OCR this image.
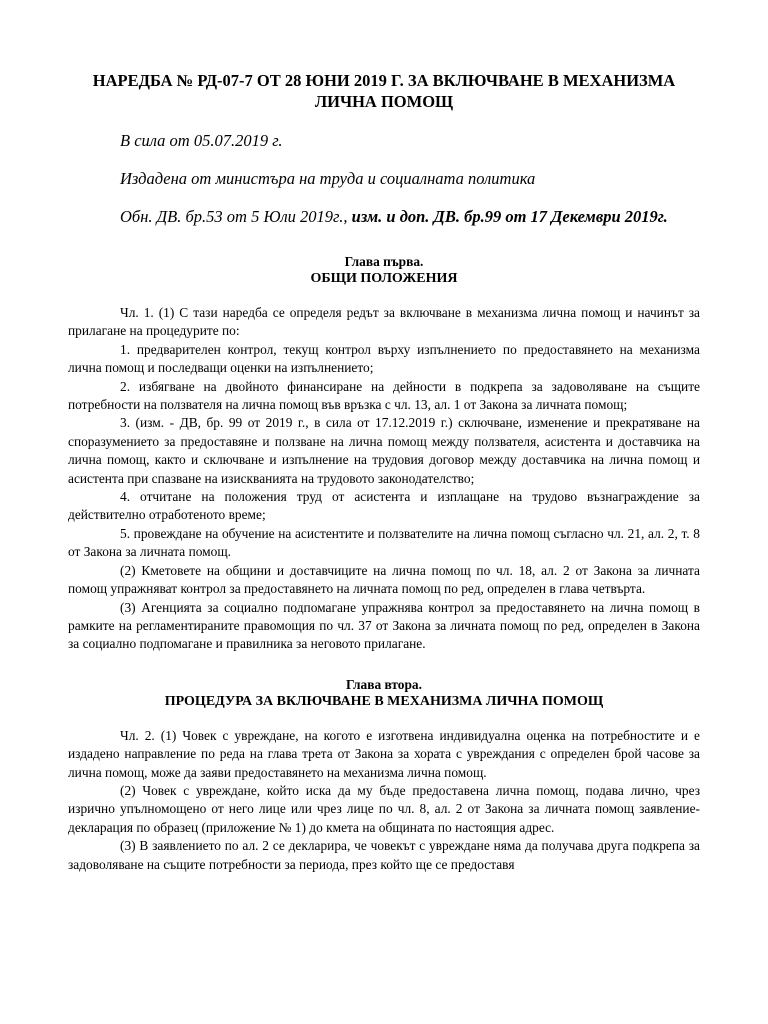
НАРЕДБА № РД-07-7 ОТ 28 ЮНИ 2019 Г. ЗА ВКЛЮЧВАНЕ В МЕХАНИЗМА ЛИЧНА ПОМОЩ

В сила от 05.07.2019 г.

Издадена от министъра на труда и социалната политика

Обн. ДВ. бр.53 от 5 Юли 2019г., изм. и доп. ДВ. бр.99 от 17 Декември 2019г.

Глава първа.
ОБЩИ ПОЛОЖЕНИЯ

Чл. 1. (1) С тази наредба се определя редът за включване в механизма лична помощ и начинът за прилагане на процедурите по:

1. предварителен контрол, текущ контрол върху изпълнението по предоставянето на механизма лична помощ и последващи оценки на изпълнението;

2. избягване на двойното финансиране на дейности в подкрепа за задоволяване на същите потребности на ползвателя на лична помощ във връзка с чл. 13, ал. 1 от Закона за личната помощ;

3. (изм. - ДВ, бр. 99 от 2019 г., в сила от 17.12.2019 г.) сключване, изменение и прекратяване на споразумението за предоставяне и ползване на лична помощ между ползвателя, асистента и доставчика на лична помощ, както и сключване и изпълнение на трудовия договор между доставчика на лична помощ и асистента при спазване на изискванията на трудовото законодателство;

4. отчитане на положения труд от асистента и изплащане на трудово възнаграждение за действително отработеното време;

5. провеждане на обучение на асистентите и ползвателите на лична помощ съгласно чл. 21, ал. 2, т. 8 от Закона за личната помощ.

(2) Кметовете на общини и доставчиците на лична помощ по чл. 18, ал. 2 от Закона за личната помощ упражняват контрол за предоставянето на личната помощ по ред, определен в глава четвърта.

(3) Агенцията за социално подпомагане упражнява контрол за предоставянето на лична помощ в рамките на регламентираните правомощия по чл. 37 от Закона за личната помощ по ред, определен в Закона за социално подпомагане и правилника за неговото прилагане.

Глава втора.
ПРОЦЕДУРА ЗА ВКЛЮЧВАНЕ В МЕХАНИЗМА ЛИЧНА ПОМОЩ

Чл. 2. (1) Човек с увреждане, на когото е изготвена индивидуална оценка на потребностите и е издадено направление по реда на глава трета от Закона за хората с увреждания с определен брой часове за лична помощ, може да заяви предоставянето на механизма лична помощ.

(2) Човек с увреждане, който иска да му бъде предоставена лична помощ, подава лично, чрез изрично упълномощено от него лице или чрез лице по чл. 8, ал. 2 от Закона за личната помощ заявление-декларация по образец (приложение № 1) до кмета на общината по настоящия адрес.

(3) В заявлението по ал. 2 се декларира, че човекът с увреждане няма да получава друга подкрепа за задоволяване на същите потребности за периода, през който ще се предоставя
